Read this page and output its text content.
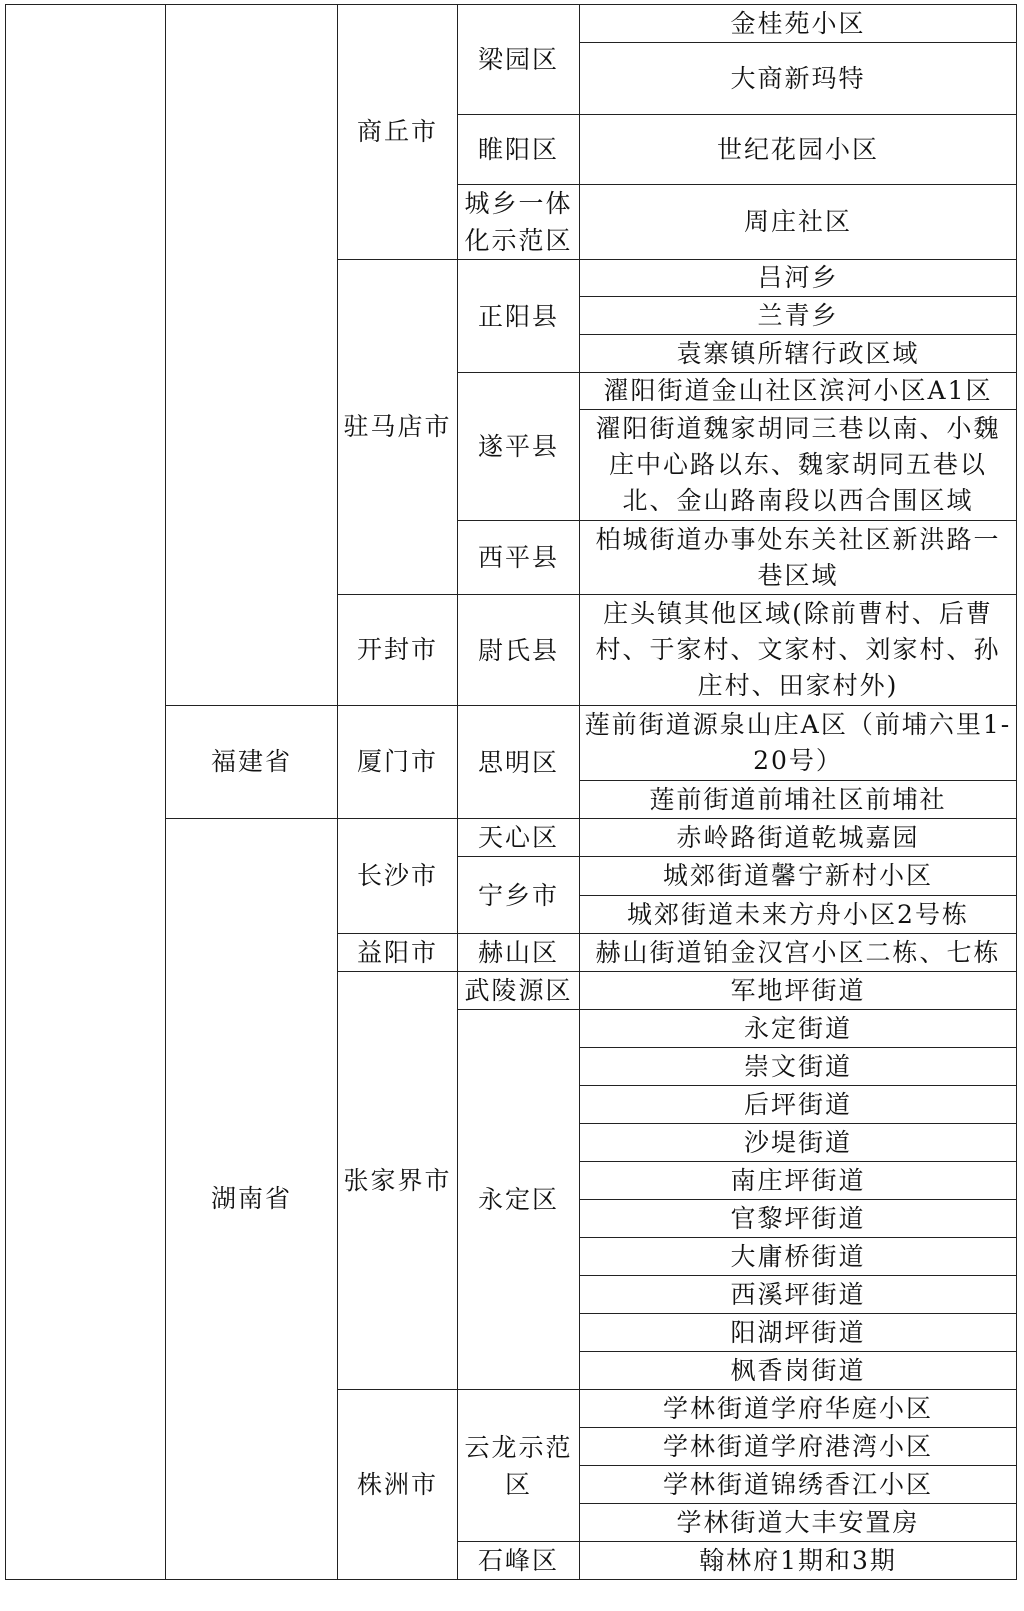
		商丘市	梁园区	金桂苑小区
				大商新玛特
			睢阳区	世纪花园小区
			城乡一体化示范区	周庄社区
		驻马店市	正阳县	吕河乡
				兰青乡
				袁寨镇所辖行政区域
			遂平县	濯阳街道金山社区滨河小区A1区
				濯阳街道魏家胡同三巷以南、小魏庄中心路以东、魏家胡同五巷以北、金山路南段以西合围区域
			西平县	柏城街道办事处东关社区新洪路一巷区域
		开封市	尉氏县	庄头镇其他区域(除前曹村、后曹村、于家村、文家村、刘家村、孙庄村、田家村外)
	福建省	厦门市	思明区	莲前街道源泉山庄A区（前埔六里1-20号）
				莲前街道前埔社区前埔社
	湖南省	长沙市	天心区	赤岭路街道乾城嘉园
			宁乡市	城郊街道馨宁新村小区
				城郊街道未来方舟小区2号栋
		益阳市	赫山区	赫山街道铂金汉宫小区二栋、七栋
		张家界市	武陵源区	军地坪街道
			永定区	永定街道
				崇文街道
				后坪街道
				沙堤街道
				南庄坪街道
				官黎坪街道
				大庸桥街道
				西溪坪街道
				阳湖坪街道
				枫香岗街道
		株洲市	云龙示范区	学林街道学府华庭小区
				学林街道学府港湾小区
				学林街道锦绣香江小区
				学林街道大丰安置房
			石峰区	翰林府1期和3期
